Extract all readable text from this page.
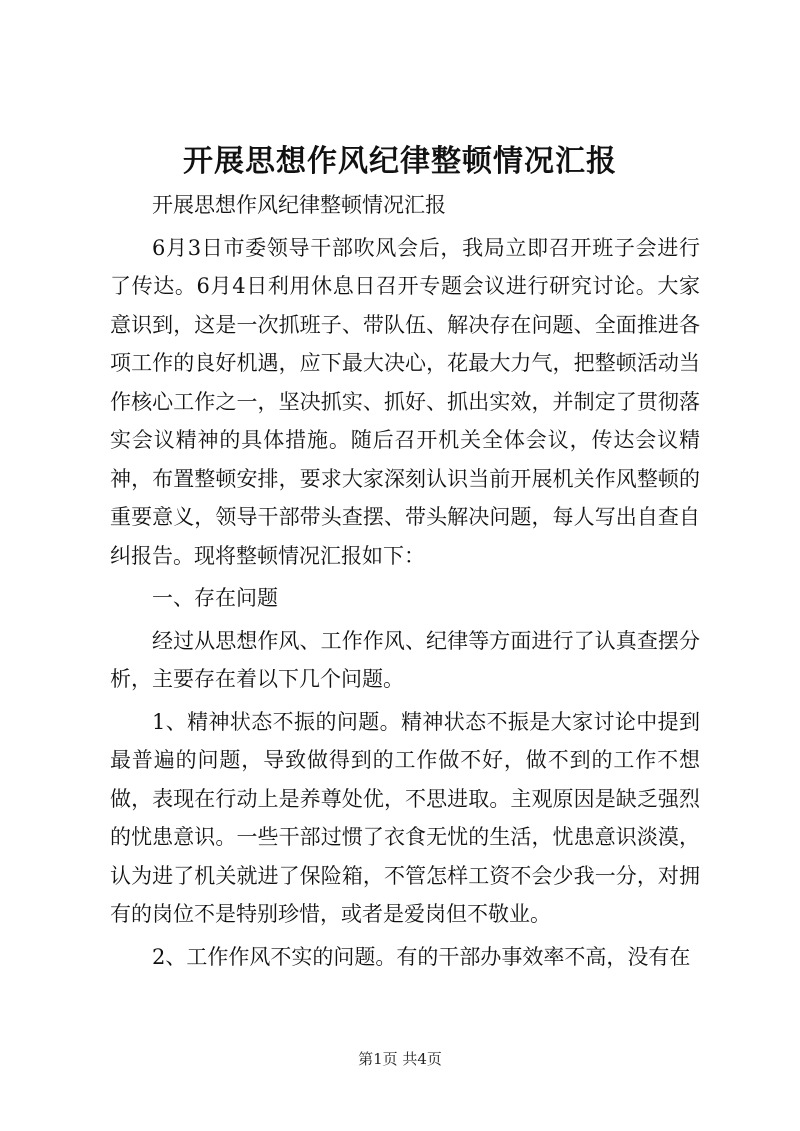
开展思想作风纪律整顿情况汇报

开展思想作风纪律整顿情况汇报

6月3日市委领导干部吹风会后，我局立即召开班子会进行了传达。6月4日利用休息日召开专题会议进行研究讨论。大家意识到，这是一次抓班子、带队伍、解决存在问题、全面推进各项工作的良好机遇，应下最大决心，花最大力气，把整顿活动当作核心工作之一，坚决抓实、抓好、抓出实效，并制定了贯彻落实会议精神的具体措施。随后召开机关全体会议，传达会议精神，布置整顿安排，要求大家深刻认识当前开展机关作风整顿的重要意义，领导干部带头查摆、带头解决问题，每人写出自查自纠报告。现将整顿情况汇报如下：

一、存在问题

经过从思想作风、工作作风、纪律等方面进行了认真查摆分析，主要存在着以下几个问题。

1、精神状态不振的问题。精神状态不振是大家讨论中提到最普遍的问题，导致做得到的工作做不好，做不到的工作不想做，表现在行动上是养尊处优，不思进取。主观原因是缺乏强烈的忧患意识。一些干部过惯了衣食无忧的生活，忧患意识淡漠，认为进了机关就进了保险箱，不管怎样工资不会少我一分，对拥有的岗位不是特别珍惜，或者是爱岗但不敬业。

2、工作作风不实的问题。有的干部办事效率不高，没有在

第1页 共4页
